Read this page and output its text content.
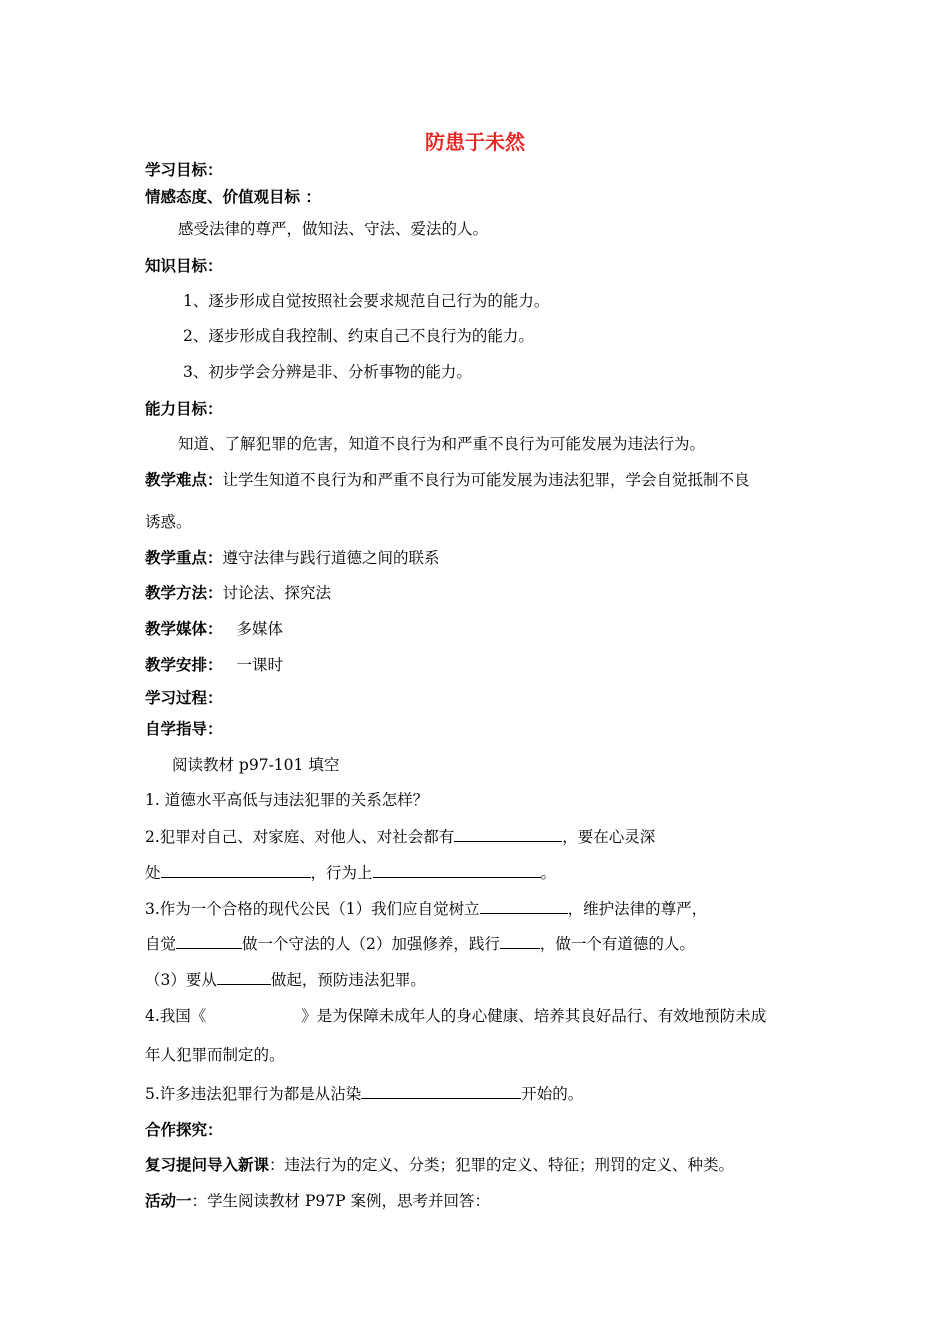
防患于未然
学习目标：
情感态度、价值观目标 ：
感受法律的尊严，做知法、守法、爱法的人。
知识目标：
1、逐步形成自觉按照社会要求规范自己行为的能力。
2、逐步形成自我控制、约束自己不良行为的能力。
3、初步学会分辨是非、分析事物的能力。
能力目标：
知道、了解犯罪的危害，知道不良行为和严重不良行为可能发展为违法行为。
教学难点：让学生知道不良行为和严重不良行为可能发展为违法犯罪，学会自觉抵制不良
诱惑。
教学重点：遵守法律与践行道德之间的联系
教学方法：讨论法、探究法
教学媒体： 多媒体
教学安排： 一课时
学习过程：
自学指导：
阅读教材 p97-101 填空
1. 道德水平高低与违法犯罪的关系怎样？
2.犯罪对自己、对家庭、对他人、对社会都有	，要在心灵深
处	，行为上	。
3.作为一个合格的现代公民（1）我们应自觉树立	，维护法律的尊严，
自觉	做一个守法的人（2）加强修养，践行	，做一个有道德的人。
（3）要从	做起，预防违法犯罪。
4.我国《	》是为保障未成年人的身心健康、培养其良好品行、有效地预防未成
年人犯罪而制定的。
5.许多违法犯罪行为都是从沾染	开始的。
合作探究：
复习提问导入新课：违法行为的定义、分类；犯罪的定义、特征；刑罚的定义、种类。
活动一：学生阅读教材 P97P 案例，思考并回答：
